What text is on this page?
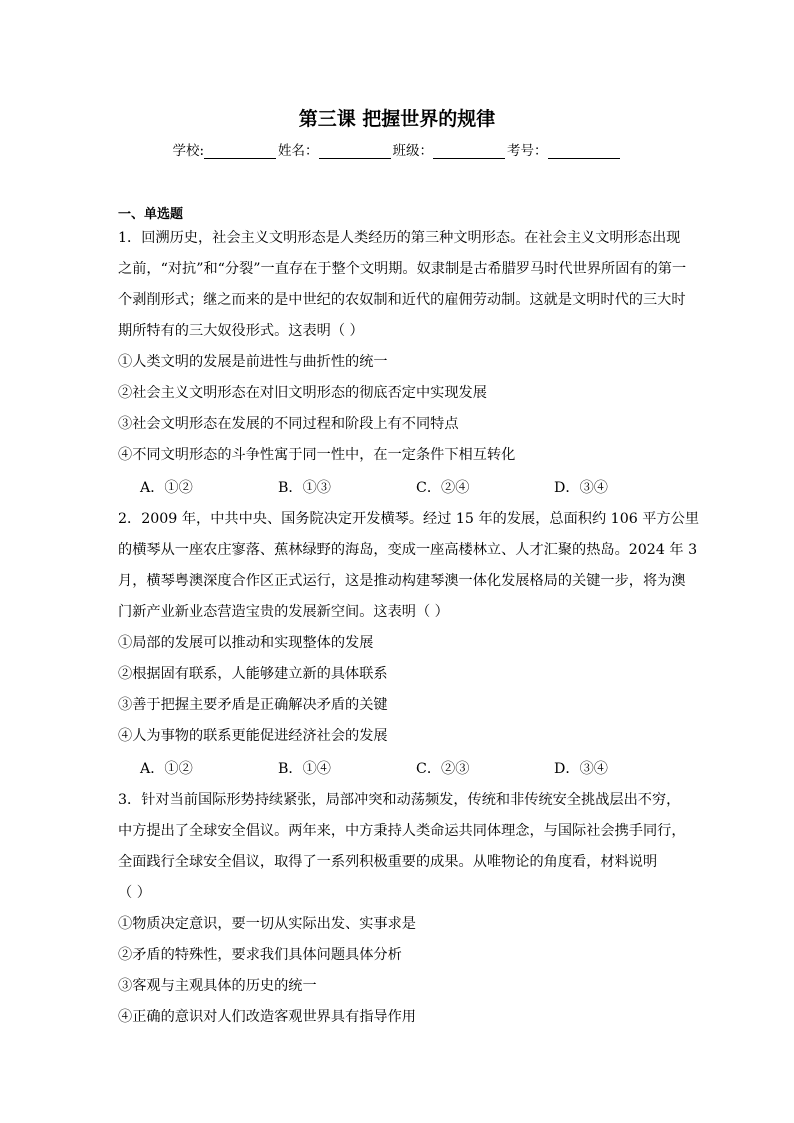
第三课 把握世界的规律
学校:	姓名：	班级：	考号：
一、单选题
1．回溯历史，社会主义文明形态是人类经历的第三种文明形态。在社会主义文明形态出现
之前，“对抗”和“分裂”一直存在于整个文明期。奴隶制是古希腊罗马时代世界所固有的第一
个剥削形式；继之而来的是中世纪的农奴制和近代的雇佣劳动制。这就是文明时代的三大时
期所特有的三大奴役形式。这表明（ ）
①人类文明的发展是前进性与曲折性的统一
②社会主义文明形态在对旧文明形态的彻底否定中实现发展
③社会文明形态在发展的不同过程和阶段上有不同特点
④不同文明形态的斗争性寓于同一性中，在一定条件下相互转化
A．①②	B．①③	C．②④	D．③④
2．2009 年，中共中央、国务院决定开发横琴。经过 15 年的发展，总面积约 106 平方公里
的横琴从一座农庄寥落、蕉林绿野的海岛，变成一座高楼林立、人才汇聚的热岛。2024 年 3
月，横琴粤澳深度合作区正式运行，这是推动构建琴澳一体化发展格局的关键一步，将为澳
门新产业新业态营造宝贵的发展新空间。这表明（ ）
①局部的发展可以推动和实现整体的发展
②根据固有联系，人能够建立新的具体联系
③善于把握主要矛盾是正确解决矛盾的关键
④人为事物的联系更能促进经济社会的发展
A．①②	B．①④	C．②③	D．③④
3．针对当前国际形势持续紧张，局部冲突和动荡频发，传统和非传统安全挑战层出不穷，
中方提出了全球安全倡议。两年来，中方秉持人类命运共同体理念，与国际社会携手同行，
全面践行全球安全倡议，取得了一系列积极重要的成果。从唯物论的角度看，材料说明
（ ）
①物质决定意识，要一切从实际出发、实事求是
②矛盾的特殊性，要求我们具体问题具体分析
③客观与主观具体的历史的统一
④正确的意识对人们改造客观世界具有指导作用
